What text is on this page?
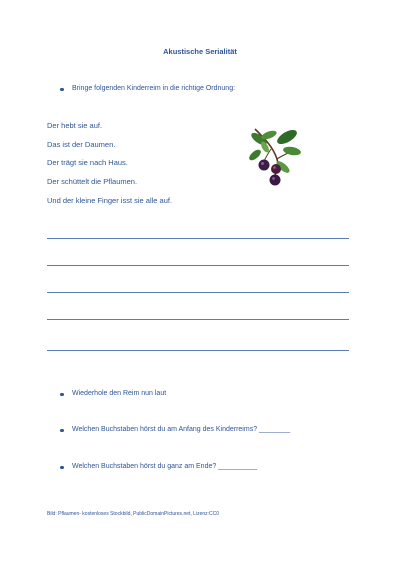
Akustische Serialität
Bringe folgenden Kinderreim in die richtige Ordnung:
Der hebt sie auf.
Das ist der Daumen.
Der trägt sie nach Haus.
Der schüttelt die Pflaumen.
Und der kleine Finger isst sie alle auf.
Wiederhole den Reim nun laut
Welchen Buchstaben hörst du am Anfang des Kinderreims? ________
Welchen Buchstaben hörst du ganz am Ende? __________
Bild: Pflaumen- kostenloses Stockbild, PublicDomainPictures.net, Lizenz:CC0
